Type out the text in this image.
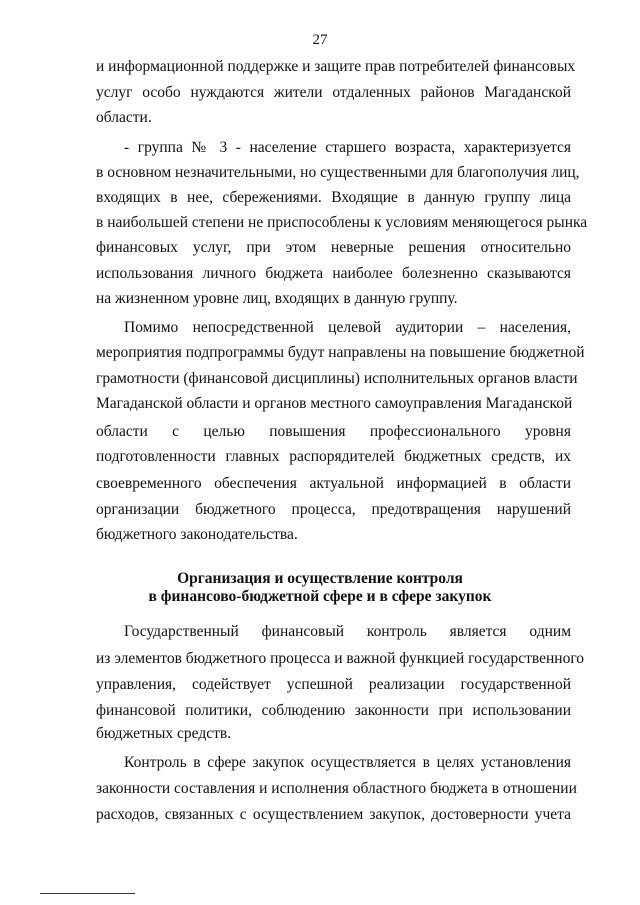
27
и информационной поддержке и защите прав потребителей финансовых
услуг особо нуждаются жители отдаленных районов Магаданской
области.
- группа № 3 - население старшего возраста, характеризуется
в основном незначительными, но существенными для благополучия лиц,
входящих в нее, сбережениями. Входящие в данную группу лица
в наибольшей степени не приспособлены к условиям меняющегося рынка
финансовых услуг, при этом неверные решения относительно
использования личного бюджета наиболее болезненно сказываются
на жизненном уровне лиц, входящих в данную группу.
Помимо непосредственной целевой аудитории – населения,
мероприятия подпрограммы будут направлены на повышение бюджетной
грамотности (финансовой дисциплины) исполнительных органов власти
Магаданской области и органов местного самоуправления Магаданской
области с целью повышения профессионального уровня
подготовленности главных распорядителей бюджетных средств, их
своевременного обеспечения актуальной информацией в области
организации бюджетного процесса, предотвращения нарушений
бюджетного законодательства.
Организация и осуществление контроля
в финансово-бюджетной сфере и в сфере закупок
Государственный финансовый контроль является одним
из элементов бюджетного процесса и важной функцией государственного
управления, содействует успешной реализации государственной
финансовой политики, соблюдению законности при использовании
бюджетных средств.
Контроль в сфере закупок осуществляется в целях установления
законности составления и исполнения областного бюджета в отношении
расходов, связанных с осуществлением закупок, достоверности учета
